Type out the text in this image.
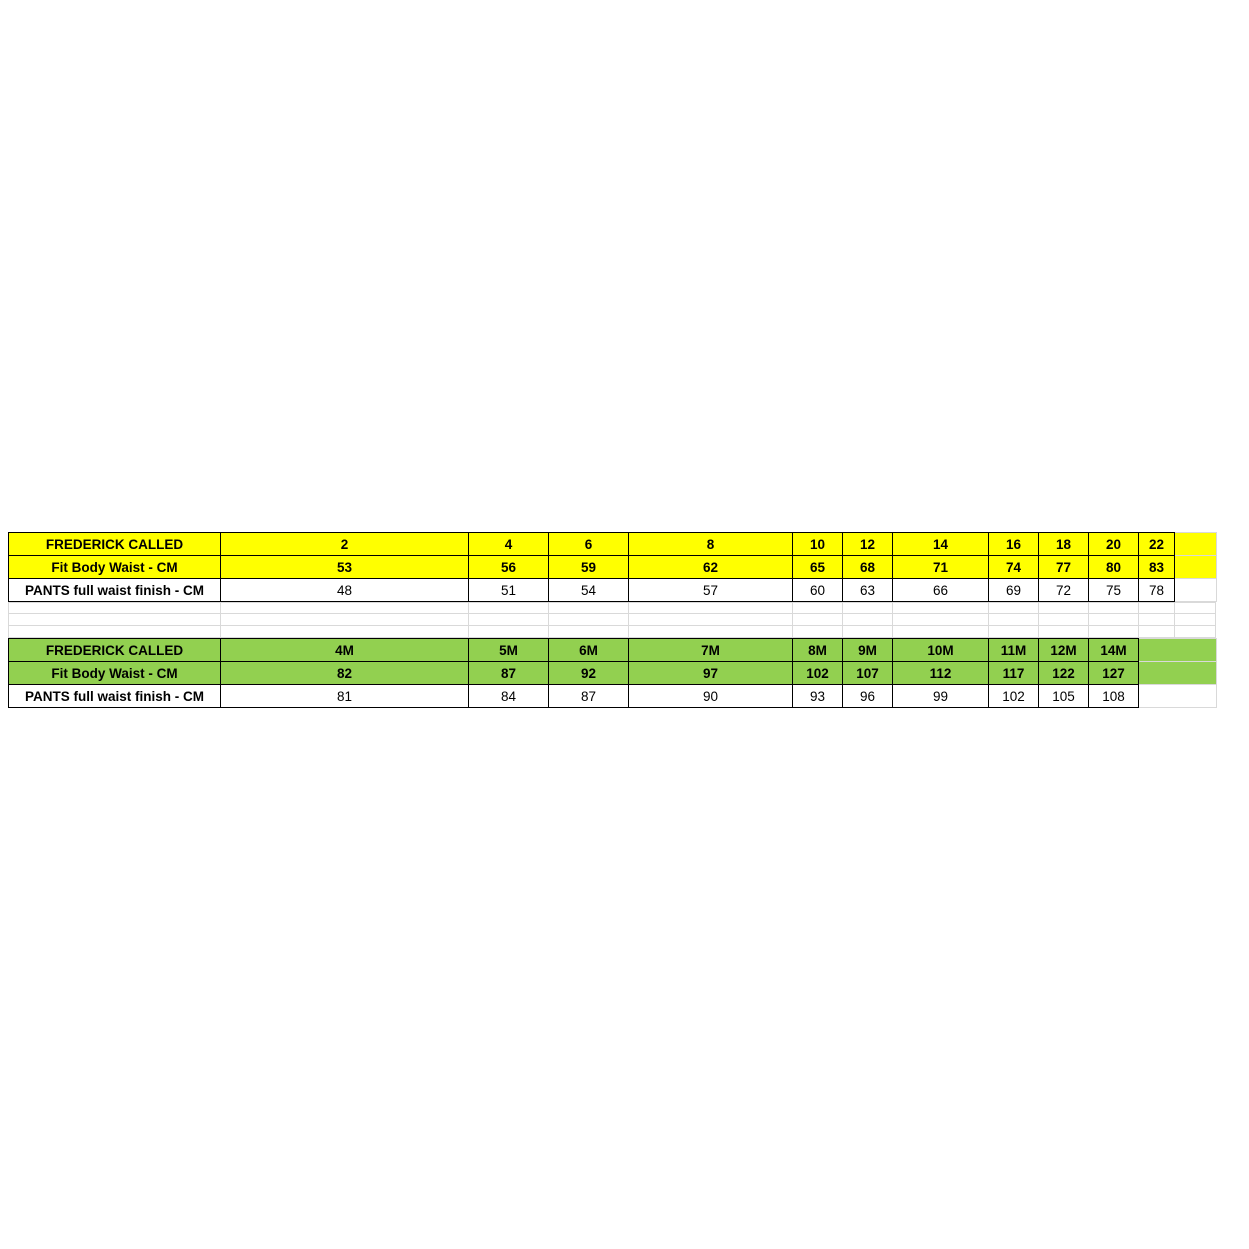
FREDERICK CALLED	2	4	6	8	10	12	14	16	18	20	22	
Fit Body Waist - CM	53	56	59	62	65	68	71	74	77	80	83	
PANTS full waist finish - CM	48	51	54	57	60	63	66	69	72	75	78	
FREDERICK CALLED	4M	5M	6M	7M	8M	9M	10M	11M	12M	14M	
Fit Body Waist - CM	82	87	92	97	102	107	112	117	122	127	
PANTS full waist finish - CM	81	84	87	90	93	96	99	102	105	108	
